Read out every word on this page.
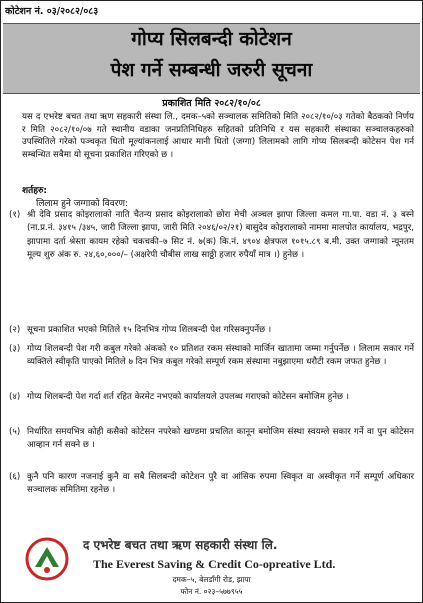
कोटेशन नं. ०३/२०८२/०८३
गोप्य सिलबन्दी कोटेशन
पेश गर्ने सम्बन्धी जरुरी सूचना
प्रकाशित मिति २०८२/१०/०८
यस द एभरेष्ट बचत तथा ऋण सहकारी संस्था लि., दमक–५को सञ्चालक समितिको मिति २०८२/१०/०३ गतेको बैठकको निर्णय र मिति २०८२/१०/०७ गते स्थानीय वडाका जनप्रतिनिधिहरु सहितको प्रतिनिधि र यस सहकारी संस्थाका सञ्चालकहरुको उपस्थितिले गरेको पञ्चकृत धितो मूल्यांकनलाई आधार मानी धितो (जग्गा) लिलामको लागि गोप्य सिलबन्दी कोटेसन पेश गर्न सम्बन्धित सबैमा यो सूचना प्रकाशित गरिएको छ ।
शर्तहरु:
लिलाम हुने जग्गाको विवरण:
(१) श्री देवि प्रसाद कोइरालाको नाति चैतन्य प्रसाद कोइरालाको छोरा मेची अञ्चल झापा जिल्ला कमल गा.पा. वडा नं. ३ बस्ने (ना.प्र.नं. ३४१५ /३४५, जारी जिल्ला झापा, जारी मिति २०४६/०२/२१) बासुदेव कोइरालाको नाममा मालपोत कार्यालय, भद्रपुर, झापामा दर्ता श्रेस्ता कायम रहेको चकचकी–७ सिट नं. ७(क) कि.नं. ४९०४ क्षेत्रफल १०१५.८९ ब.मी. उक्त जग्गाको न्यूनतम मूल्य शुरु अंक रु. २४,६०,०००/– (अक्षरेपी चौबीस लाख साठ्ठी हजार रुपैयाँ मात्र ।) हुनेछ ।
(२) सूचना प्रकाशित भएको मितिले १५ दिनभित्र गोप्य शिलबन्दी पेश गरिसक्नुपर्नेछ ।
(३) गोप्य शिलबन्दी पेश गरी कबुल गरेको अंकको १० प्रतिशत रकम संस्थाको मार्जिन खातामा जम्मा गर्नुपर्नेछ । लिलाम सकार गर्ने व्यक्तिले स्वीकृति पाएको मितिले ७ दिन भित्र कबुल गरेको सम्पूर्ण रकम संस्थामा नबुझाएमा धरौटी रकम जफत हुनेछ ।
(४) गोप्य शिलबन्दी पेश गर्दा शर्त रहित केरमेट नभएको कार्यालयले उपलब्ध गराएको कोटेसन बमोजिम हुनेछ ।
(५) निर्धारित समयभित्र कोही कसैको कोटेसन नपरेको खण्डमा प्रचलित कानून बमोजिम संस्था स्वयम्ले सकार गर्ने वा पुन कोटेसन आव्हान गर्न सक्ने छ ।
(६) कुनै पनि कारण नजनाई कुनै वा सबै सिलबन्दी कोटेशन पुरै वा आंसिक रुपमा स्विकृत वा अस्वीकृत गर्ने सम्पूर्ण अधिकार सञ्चालक समितिमा रहनेछ ।
द एभरेष्ट बचत तथा ऋण सहकारी संस्था लि.
The Everest Saving & Credit Co-opreative Ltd.
दमक–५, बेलडाँगी रोड, झापा
फोन नं. ०२३–५७७९५५
